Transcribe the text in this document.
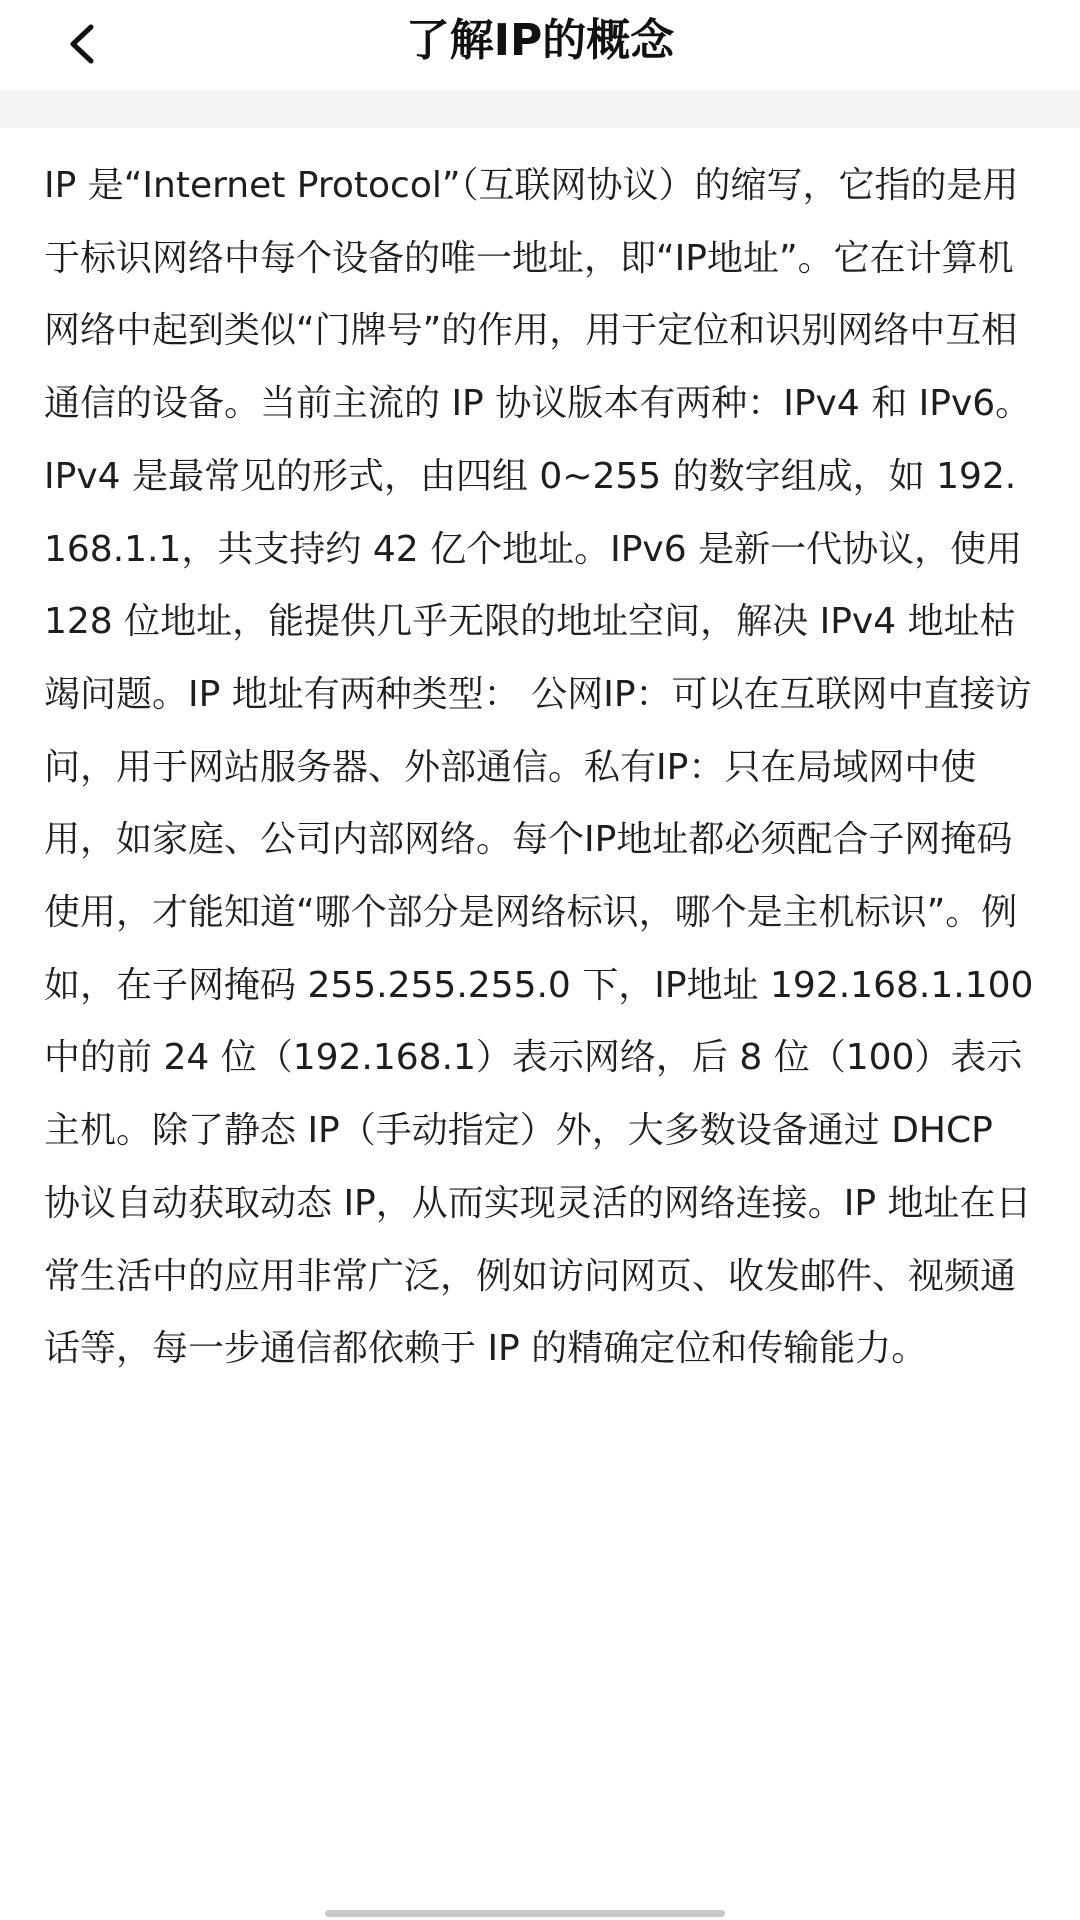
了解IP的概念
IP 是“Internet Protocol”（互联网协议）的缩写，它指的是用于标识网络中每个设备的唯一地址，即“IP地址”。它在计算机网络中起到类似“门牌号”的作用，用于定位和识别网络中互相通信的设备。当前主流的 IP 协议版本有两种：IPv4 和 IPv6。IPv4 是最常见的形式，由四组 0~255 的数字组成，如 192.168.1.1，共支持约 42 亿个地址。IPv6 是新一代协议，使用 128 位地址，能提供几乎无限的地址空间，解决 IPv4 地址枯竭问题。IP 地址有两种类型： 公网IP：可以在互联网中直接访问，用于网站服务器、外部通信。私有IP：只在局域网中使用，如家庭、公司内部网络。每个IP地址都必须配合子网掩码使用，才能知道“哪个部分是网络标识，哪个是主机标识”。例如，在子网掩码 255.255.255.0 下，IP地址 192.168.1.100 中的前 24 位（192.168.1）表示网络，后 8 位（100）表示主机。除了静态 IP（手动指定）外，大多数设备通过 DHCP 协议自动获取动态 IP，从而实现灵活的网络连接。IP 地址在日常生活中的应用非常广泛，例如访问网页、收发邮件、视频通话等，每一步通信都依赖于 IP 的精确定位和传输能力。
